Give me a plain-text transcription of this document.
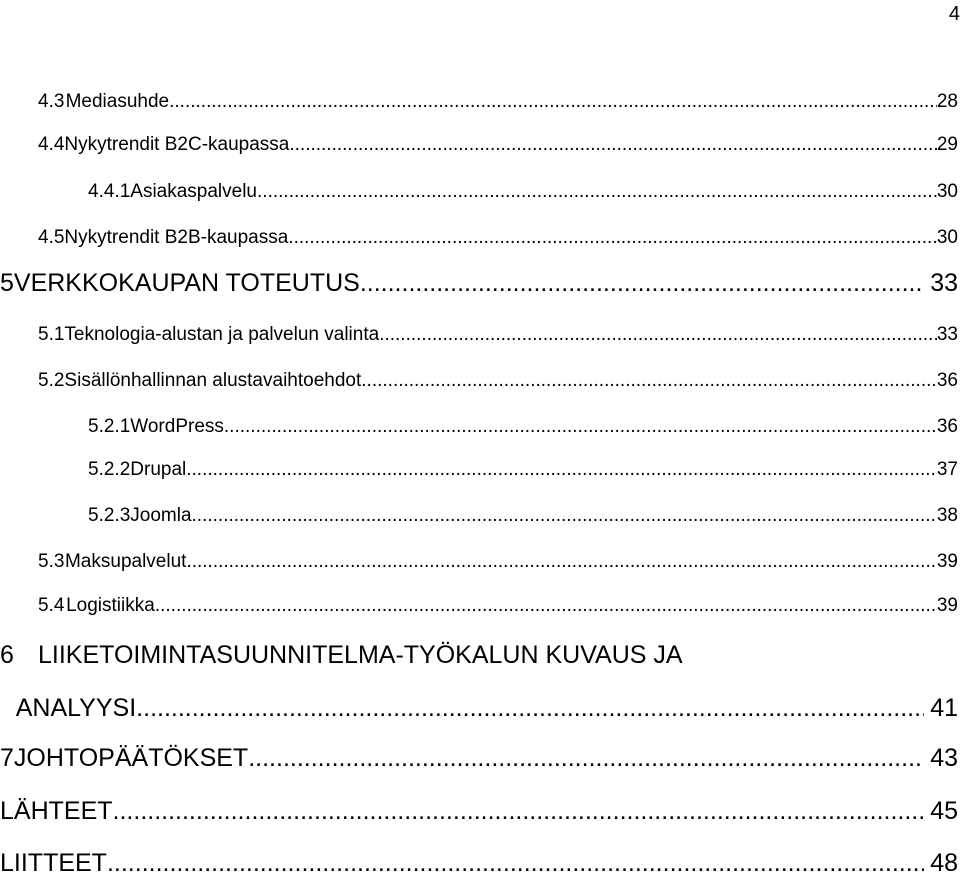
4
4.3 Mediasuhde .....	28
4.4 Nykytrendit B2C-kaupassa .....	29
4.4.1 Asiakaspalvelu .....	30
4.5 Nykytrendit B2B-kaupassa .....	30
5 VERKKOKAUPAN TOTEUTUS .....	33
5.1 Teknologia-alustan ja palvelun valinta .....	33
5.2 Sisällönhallinnan alustavaihtoehdot .....	36
5.2.1 WordPress .....	36
5.2.2 Drupal .....	37
5.2.3 Joomla .....	38
5.3 Maksupalvelut .....	39
5.4 Logistiikka .....	39
6 LIIKETOIMINTASUUNNITELMA-TYÖKALUN KUVAUS JA
ANALYYSI .....	41
7 JOHTOPÄÄTÖKSET .....	43
LÄHTEET .....	45
LIITTEET .....	48
